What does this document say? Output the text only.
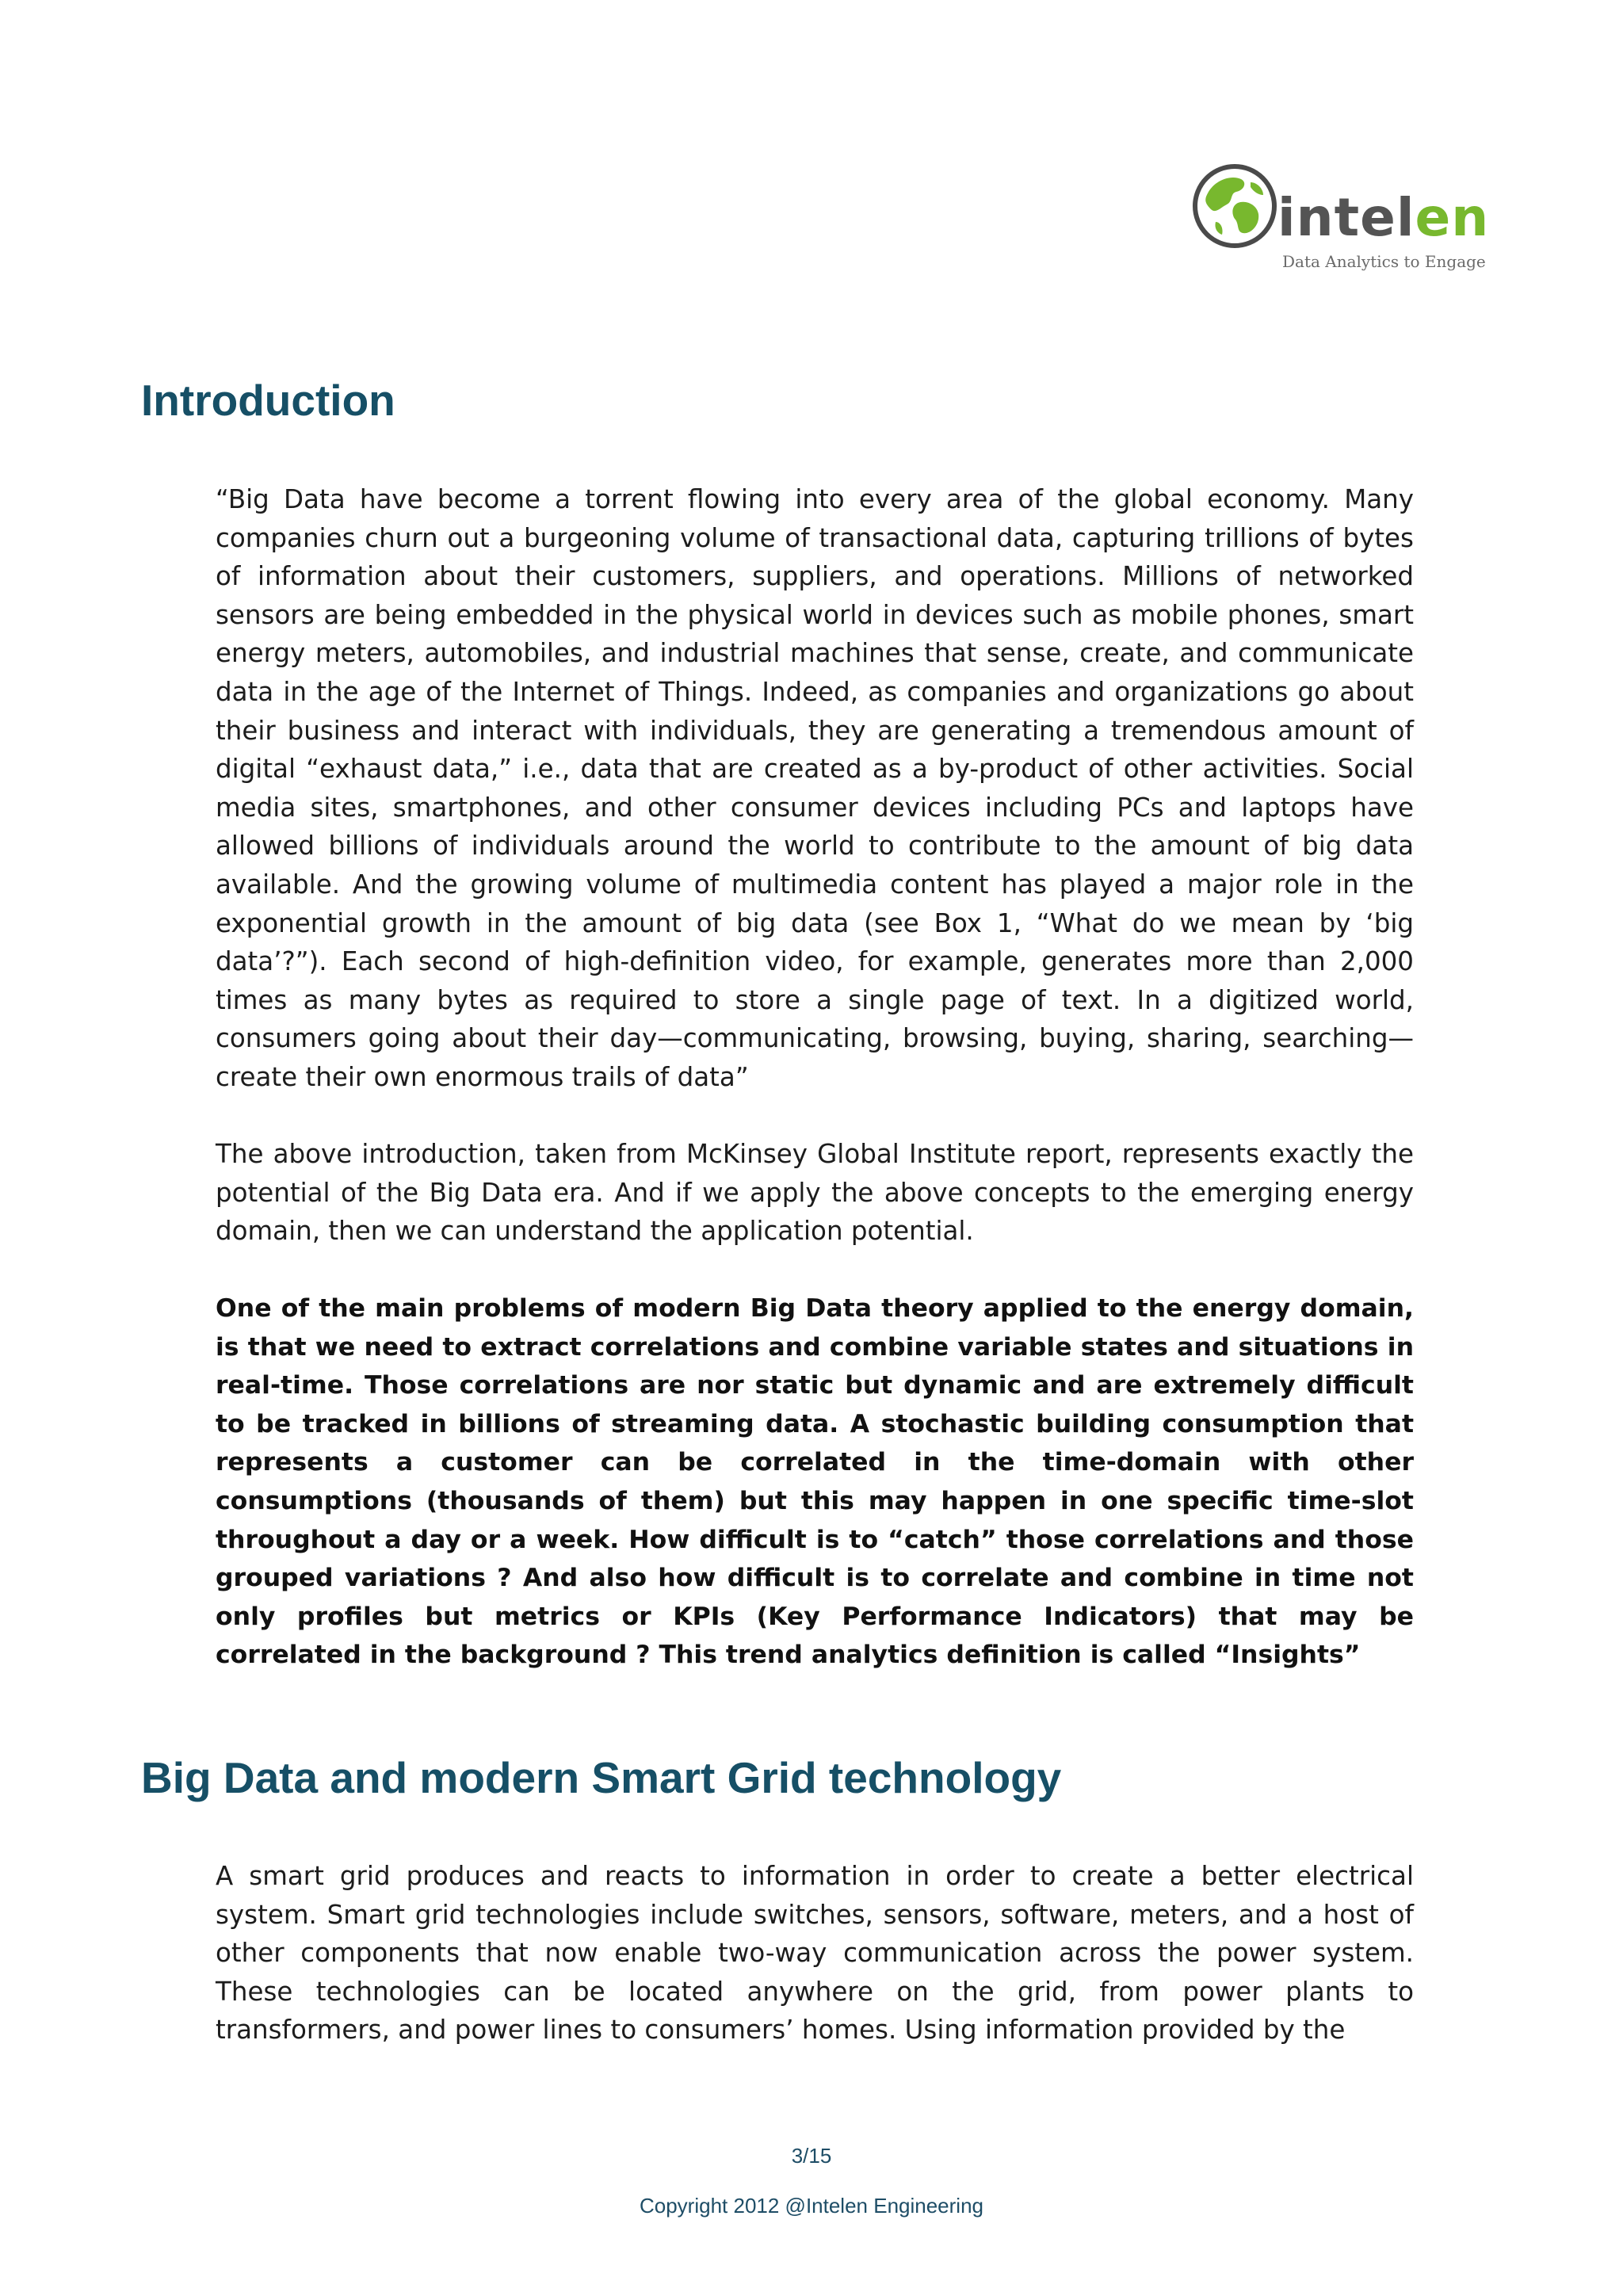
intelen
Data Analytics to Engage
Introduction

“Big Data have become a torrent flowing into every area of the global economy. Many companies churn out a burgeoning volume of transactional data, capturing trillions of bytes of information about their customers, suppliers, and operations. Millions of networked sensors are being embedded in the physical world in devices such as mobile phones, smart energy meters, automobiles, and industrial machines that sense, create, and communicate data in the age of the Internet of Things. Indeed, as companies and organizations go about their business and interact with individuals, they are generating a tremendous amount of digital “exhaust data,” i.e., data that are created as a by-product of other activities. Social media sites, smartphones, and other consumer devices including PCs and laptops have allowed billions of individuals around the world to contribute to the amount of big data available. And the growing volume of multimedia content has played a major role in the exponential growth in the amount of big data (see Box 1, “What do we mean by ‘big data’?”). Each second of high-definition video, for example, generates more than 2,000 times as many bytes as required to store a single page of text. In a digitized world, consumers going about their day—communicating, browsing, buying, sharing, searching—create their own enormous trails of data”

The above introduction, taken from McKinsey Global Institute report, represents exactly the potential of the Big Data era. And if we apply the above concepts to the emerging energy domain, then we can understand the application potential.

One of the main problems of modern Big Data theory applied to the energy domain, is that we need to extract correlations and combine variable states and situations in real-time. Those correlations are nor static but dynamic and are extremely difficult to be tracked in billions of streaming data. A stochastic building consumption that represents a customer can be correlated in the time-domain with other consumptions (thousands of them) but this may happen in one specific time-slot throughout a day or a week. How difficult is to “catch” those correlations and those grouped variations ? And also how difficult is to correlate and combine in time not only profiles but metrics or KPIs (Key Performance Indicators) that may be correlated in the background ? This trend analytics definition is called “Insights”

Big Data and modern Smart Grid technology

A smart grid produces and reacts to information in order to create a better electrical system. Smart grid technologies include switches, sensors, software, meters, and a host of other components that now enable two-way communication across the power system. These technologies can be located anywhere on the grid, from power plants to transformers, and power lines to consumers’ homes. Using information provided by the

3/15
Copyright 2012 @Intelen Engineering
